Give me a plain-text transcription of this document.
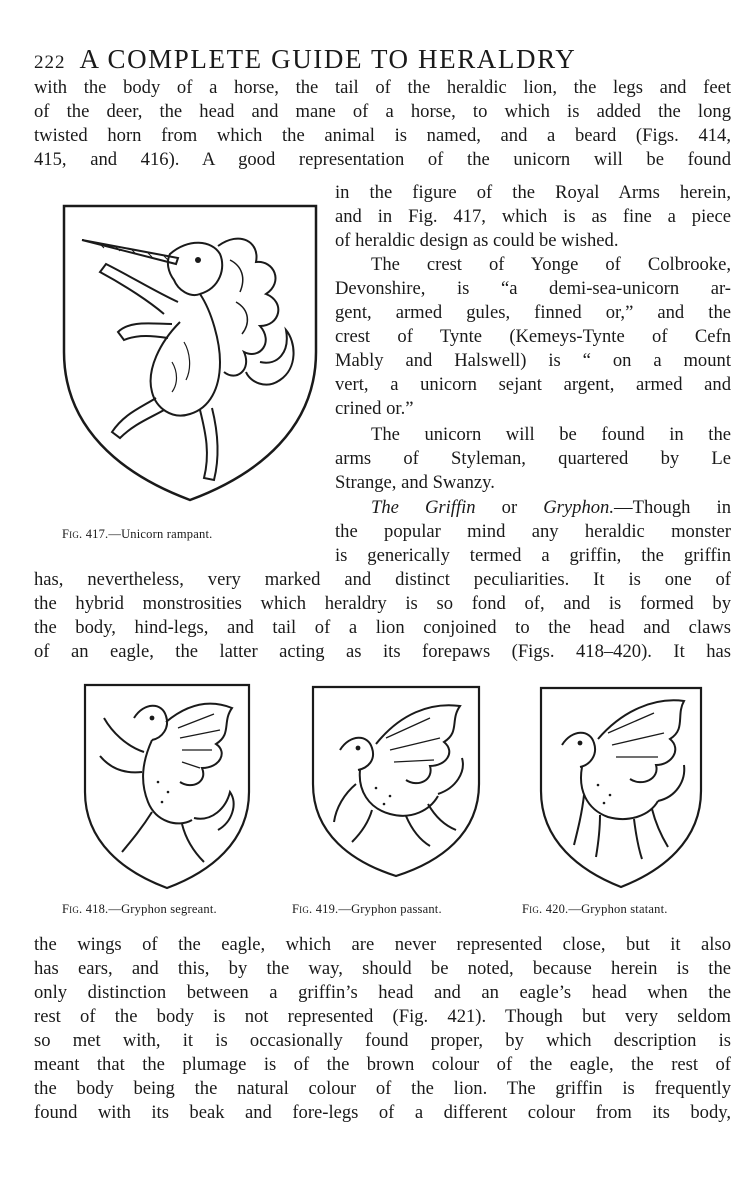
222 A COMPLETE GUIDE TO HERALDRY
with the body of a horse, the tail of the heraldic lion, the legs and feet
of the deer, the head and mane of a horse, to which is added the long
twisted horn from which the animal is named, and a beard (Figs. 414,
415, and 416). A good representation of the unicorn will be found
in the figure of the Royal Arms herein,
and in Fig. 417, which is as fine a piece
of heraldic design as could be wished.
The crest of Yonge of Colbrooke,
Devonshire, is “a demi-sea-unicorn ar-
gent, armed gules, finned or,” and the
crest of Tynte (Kemeys-Tynte of Cefn
Mably and Halswell) is “ on a mount
vert, a unicorn sejant argent, armed and
crined or.”
The unicorn will be found in the
arms of Styleman, quartered by Le
Strange, and Swanzy.
The Griffin or Gryphon.—Though in
the popular mind any heraldic monster
is generically termed a griffin, the griffin
has, nevertheless, very marked and distinct peculiarities. It is one of
the hybrid monstrosities which heraldry is so fond of, and is formed by
the body, hind-legs, and tail of a lion conjoined to the head and claws
of an eagle, the latter acting as its forepaws (Figs. 418–420). It has
Fig. 417.—Unicorn rampant.
Fig. 418.—Gryphon segreant.	Fig. 419.—Gryphon passant.	Fig. 420.—Gryphon statant.
the wings of the eagle, which are never represented close, but it also
has ears, and this, by the way, should be noted, because herein is the
only distinction between a griffin’s head and an eagle’s head when the
rest of the body is not represented (Fig. 421). Though but very seldom
so met with, it is occasionally found proper, by which description is
meant that the plumage is of the brown colour of the eagle, the rest of
the body being the natural colour of the lion. The griffin is frequently
found with its beak and fore-legs of a different colour from its body,
